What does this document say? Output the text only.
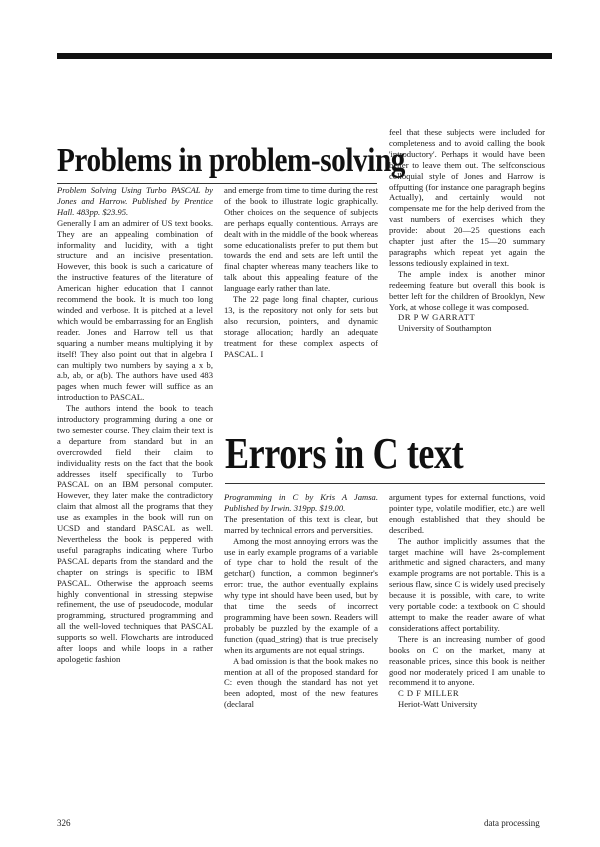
Problems in problem-solving

Problem Solving Using Turbo PASCAL by Jones and Harrow. Published by Prentice Hall. 483pp. $23.95.

Generally I am an admirer of US text books. They are an appealing combination of informality and lucidity, with a tight structure and an incisive presentation. However, this book is such a caricature of the instructive features of the literature of American higher education that I cannot recommend the book. It is much too long winded and verbose. It is pitched at a level which would be embarrassing for an English reader. Jones and Harrow tell us that squaring a number means multiplying it by itself! They also point out that in algebra I can multiply two numbers by saying a x b, a.b, ab, or a(b). The authors have used 483 pages when much fewer will suffice as an introduction to PASCAL.

The authors intend the book to teach introductory programming during a one or two semester course. They claim their text is a departure from standard but in an overcrowded field their claim to individuality rests on the fact that the book addresses itself specifically to Turbo PASCAL on an IBM personal computer. However, they later make the contradictory claim that almost all the programs that they use as examples in the book will run on UCSD and standard PASCAL as well. Nevertheless the book is peppered with useful paragraphs indicating where Turbo PASCAL departs from the standard and the chapter on strings is specific to IBM PASCAL. Otherwise the approach seems highly conventional in stressing stepwise refinement, the use of pseudocode, modular programming, structured programming and all the well-loved techniques that PASCAL supports so well. Flowcharts are introduced after loops and while loops in a rather apologetic fashion

and emerge from time to time during the rest of the book to illustrate logic graphically. Other choices on the sequence of subjects are perhaps equally contentious. Arrays are dealt with in the middle of the book whereas some educationalists prefer to put them but towards the end and sets are left until the final chapter whereas many teachers like to talk about this appealing feature of the language early rather than late.

The 22 page long final chapter, curious 13, is the repository not only for sets but also recursion, pointers, and dynamic storage allocation; hardly an adequate treatment for these complex aspects of PASCAL. I

feel that these subjects were included for completeness and to avoid calling the book 'introductory'. Perhaps it would have been better to leave them out. The selfconscious colloquial style of Jones and Harrow is offputting (for instance one paragraph begins Actually), and certainly would not compensate me for the help derived from the vast numbers of exercises which they provide: about 20—25 questions each chapter just after the 15—20 summary paragraphs which repeat yet again the lessons tediously explained in text.

The ample index is another minor redeeming feature but overall this book is better left for the children of Brooklyn, New York, at whose college it was composed.

DR P W GARRATT

University of Southampton

Errors in C text

Programming in C by Kris A Jamsa. Published by Irwin. 319pp. $19.00.

The presentation of this text is clear, but marred by technical errors and perversities.

Among the most annoying errors was the use in early example programs of a variable of type char to hold the result of the getchar() function, a common beginner's error: true, the author eventually explains why type int should have been used, but by that time the seeds of incorrect programming have been sown. Readers will probably be puzzled by the example of a function (quad_string) that is true precisely when its arguments are not equal strings.

A bad omission is that the book makes no mention at all of the proposed standard for C: even though the standard has not yet been adopted, most of the new features (declaral

argument types for external functions, void pointer type, volatile modifier, etc.) are well enough established that they should be described.

The author implicitly assumes that the target machine will have 2s-complement arithmetic and signed characters, and many example programs are not portable. This is a serious flaw, since C is widely used precisely because it is possible, with care, to write very portable code: a textbook on C should attempt to make the reader aware of what considerations affect portability.

There is an increasing number of good books on C on the market, many at reasonable prices, since this book is neither good nor moderately priced I am unable to recommend it to anyone.

C D F MILLER

Heriot-Watt University

326	data processing
